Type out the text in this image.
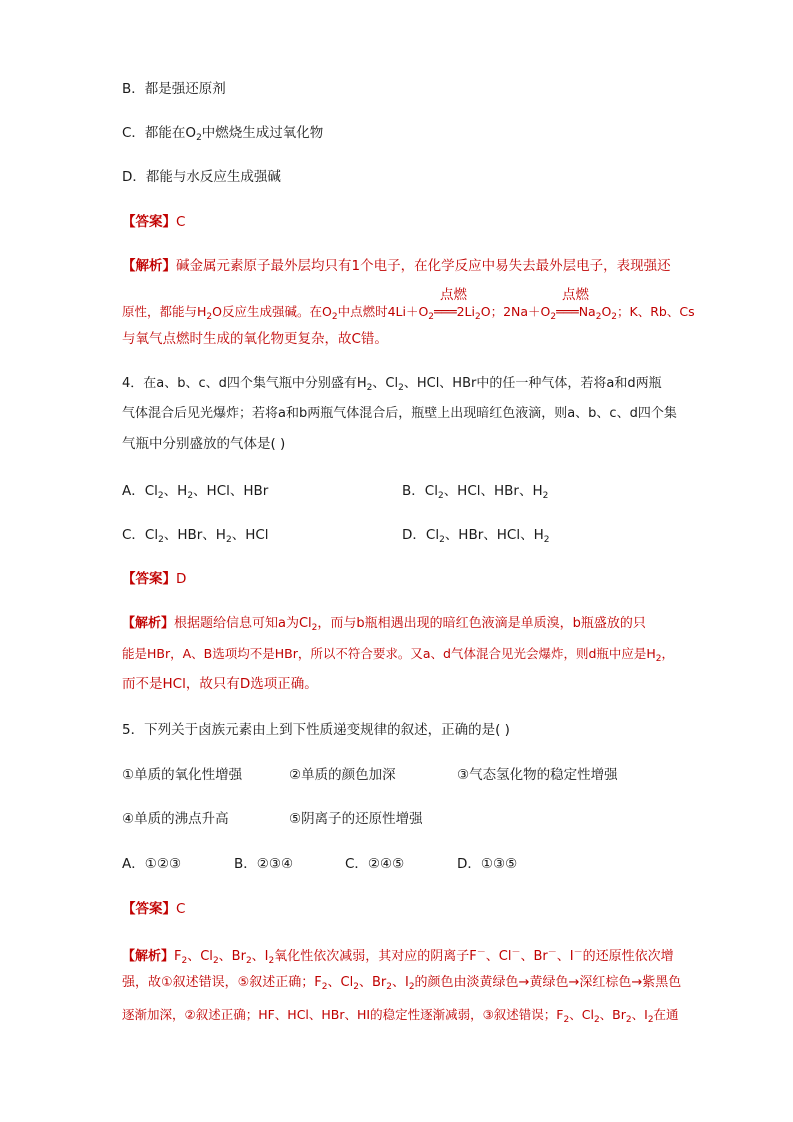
B．都是强还原剂
C．都能在$O_2$中燃烧生成过氧化物
D．都能与水反应生成强碱
【答案】C
【解析】碱金属元素原子最外层均只有1个电子，在化学反应中易失去最外层电子，表现强还
点燃	点燃
原性，都能与$H_2O$反应生成强碱。在$O_2$中点燃时$4Li+O_2═══2Li_2O$；$2Na+O_2═══Na_2O_2$；K、Rb、Cs
与氧气点燃时生成的氧化物更复杂，故C错。
4．在a、b、c、d四个集气瓶中分别盛有$H_2$、$Cl_2$、HCl、HBr中的任一种气体，若将a和d两瓶
气体混合后见光爆炸；若将a和b两瓶气体混合后，瓶壁上出现暗红色液滴，则a、b、c、d四个集
气瓶中分别盛放的气体是( )
A．$Cl_2$、$H_2$、HCl、HBr	B．$Cl_2$、HCl、HBr、$H_2$
C．$Cl_2$、HBr、$H_2$、HCl	D．$Cl_2$、HBr、HCl、$H_2$
【答案】D
【解析】根据题给信息可知a为$Cl_2$，而与b瓶相遇出现的暗红色液滴是单质溴，b瓶盛放的只
能是HBr，A、B选项均不是HBr，所以不符合要求。又a、d气体混合见光会爆炸，则d瓶中应是$H_2$，
而不是HCl，故只有D选项正确。
5．下列关于卤族元素由上到下性质递变规律的叙述，正确的是( )
①单质的氧化性增强	②单质的颜色加深	③气态氢化物的稳定性增强
④单质的沸点升高	⑤阴离子的还原性增强
A．①②③	B．②③④	C．②④⑤	D．①③⑤
【答案】C
【解析】$F_2$、$Cl_2$、$Br_2$、$I_2$氧化性依次减弱，其对应的阴离子F－、Cl－、Br－、I－的还原性依次增
强，故①叙述错误，⑤叙述正确；$F_2$、$Cl_2$、$Br_2$、$I_2$的颜色由淡黄绿色→黄绿色→深红棕色→紫黑色
逐渐加深，②叙述正确；HF、HCl、HBr、HI的稳定性逐渐减弱，③叙述错误；$F_2$、$Cl_2$、$Br_2$、$I_2$在通
